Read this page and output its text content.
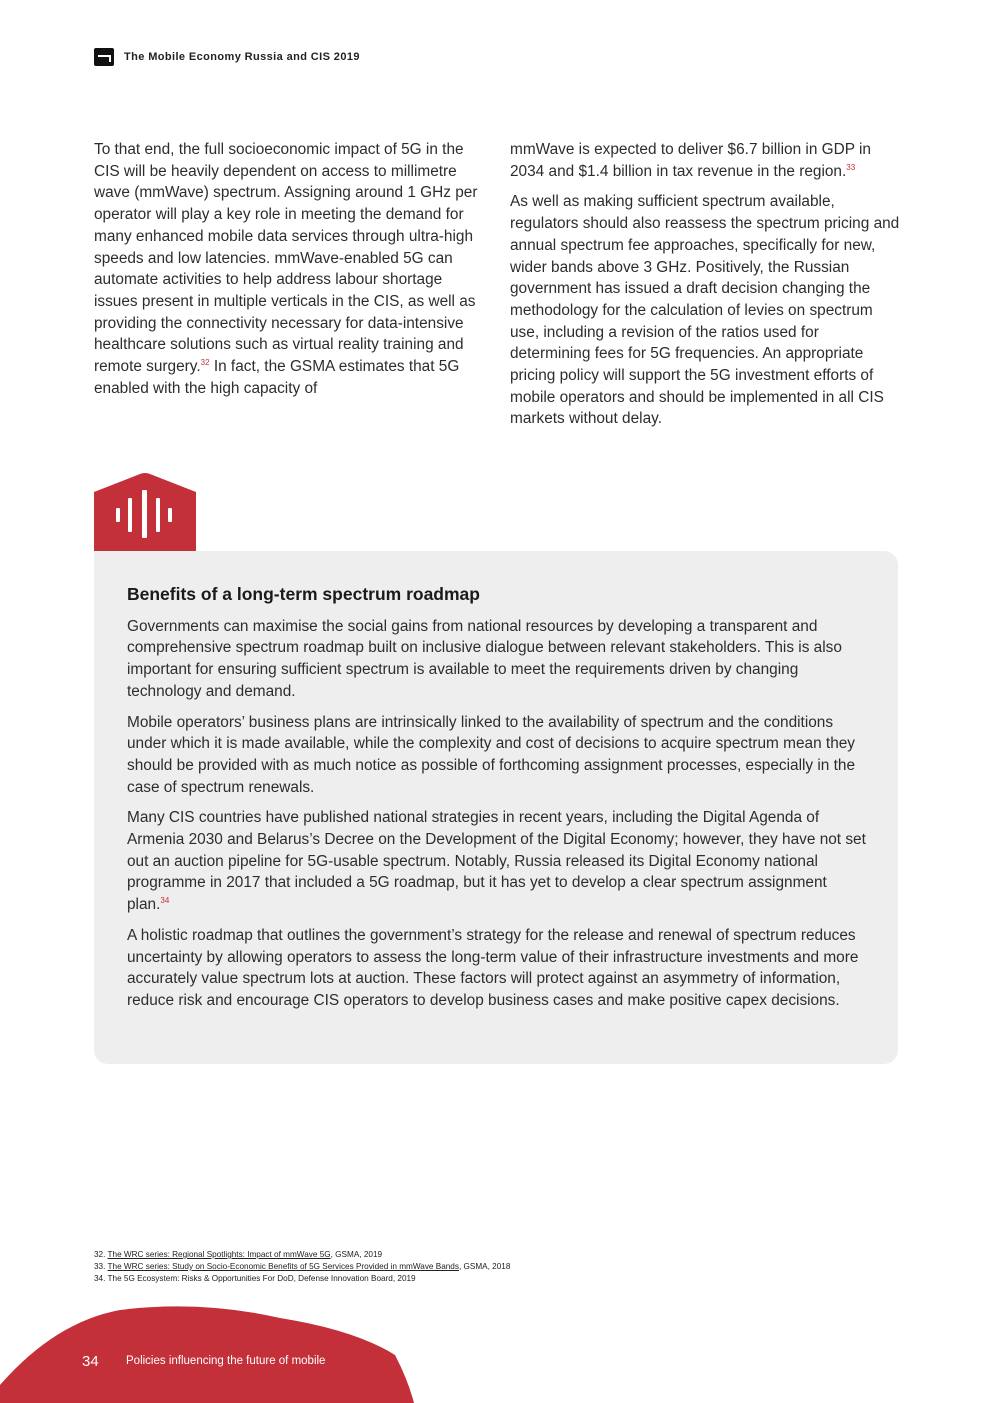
The Mobile Economy Russia and CIS 2019

To that end, the full socioeconomic impact of 5G in the CIS will be heavily dependent on access to millimetre wave (mmWave) spectrum. Assigning around 1 GHz per operator will play a key role in meeting the demand for many enhanced mobile data services through ultra-high speeds and low latencies. mmWave-enabled 5G can automate activities to help address labour shortage issues present in multiple verticals in the CIS, as well as providing the connectivity necessary for data-intensive healthcare solutions such as virtual reality training and remote surgery.$^{32}$ In fact, the GSMA estimates that 5G enabled with the high capacity of

mmWave is expected to deliver $6.7 billion in GDP in 2034 and $1.4 billion in tax revenue in the region.$^{33}$

As well as making sufficient spectrum available, regulators should also reassess the spectrum pricing and annual spectrum fee approaches, specifically for new, wider bands above 3 GHz. Positively, the Russian government has issued a draft decision changing the methodology for the calculation of levies on spectrum use, including a revision of the ratios used for determining fees for 5G frequencies. An appropriate pricing policy will support the 5G investment efforts of mobile operators and should be implemented in all CIS markets without delay.

Benefits of a long-term spectrum roadmap

Governments can maximise the social gains from national resources by developing a transparent and comprehensive spectrum roadmap built on inclusive dialogue between relevant stakeholders. This is also important for ensuring sufficient spectrum is available to meet the requirements driven by changing technology and demand.

Mobile operators’ business plans are intrinsically linked to the availability of spectrum and the conditions under which it is made available, while the complexity and cost of decisions to acquire spectrum mean they should be provided with as much notice as possible of forthcoming assignment processes, especially in the case of spectrum renewals.

Many CIS countries have published national strategies in recent years, including the Digital Agenda of Armenia 2030 and Belarus’s Decree on the Development of the Digital Economy; however, they have not set out an auction pipeline for 5G-usable spectrum. Notably, Russia released its Digital Economy national programme in 2017 that included a 5G roadmap, but it has yet to develop a clear spectrum assignment plan.$^{34}$

A holistic roadmap that outlines the government’s strategy for the release and renewal of spectrum reduces uncertainty by allowing operators to assess the long-term value of their infrastructure investments and more accurately value spectrum lots at auction. These factors will protect against an asymmetry of information, reduce risk and encourage CIS operators to develop business cases and make positive capex decisions.

32. The WRC series: Regional Spotlights: Impact of mmWave 5G, GSMA, 2019
33. The WRC series: Study on Socio-Economic Benefits of 5G Services Provided in mmWave Bands, GSMA, 2018
34. The 5G Ecosystem: Risks & Opportunities For DoD, Defense Innovation Board, 2019
34 Policies influencing the future of mobile
